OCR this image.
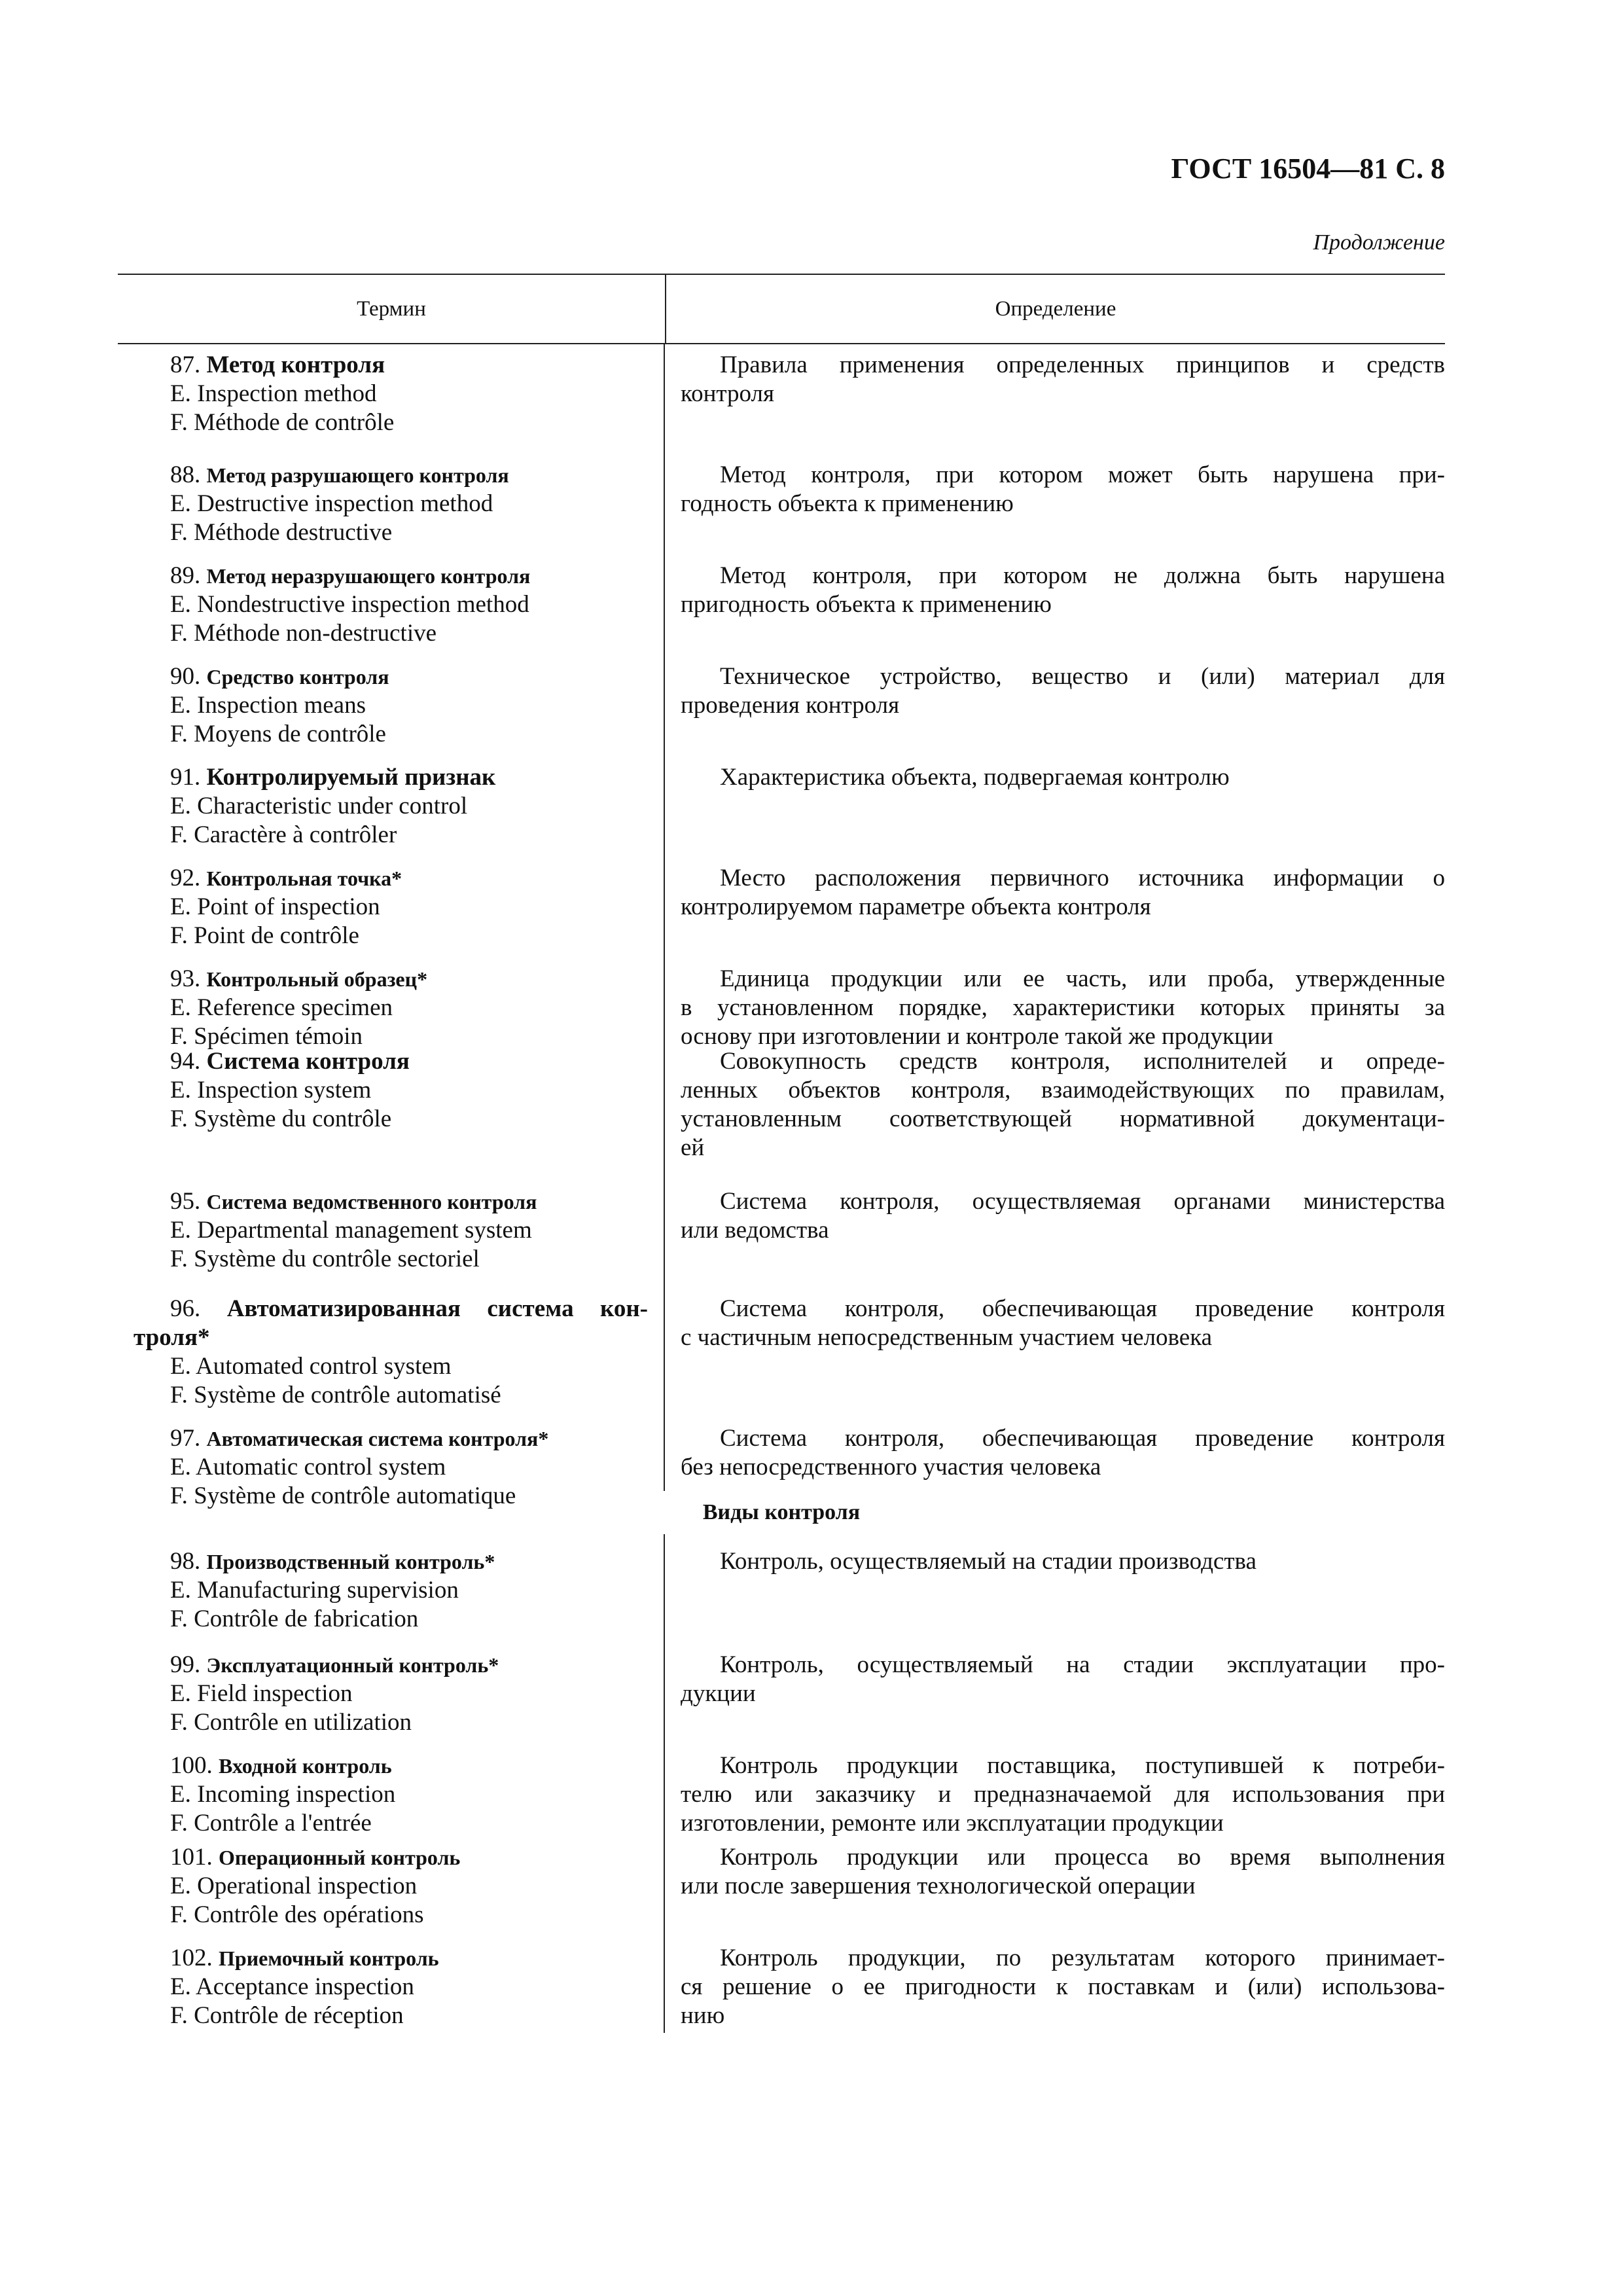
ГОСТ 16504—81 С. 8
Продолжение
Термин	Определение
87. Метод контроля
E. Inspection method
F. Méthode de contrôle
Правила применения определенных принципов и средств
контроля
88. Метод разрушающего контроля
E. Destructive inspection method
F. Méthode destructive
Метод контроля, при котором может быть нарушена при-
годность объекта к применению
89. Метод неразрушающего контроля
E. Nondestructive inspection method
F. Méthode non-destructive
Метод контроля, при котором не должна быть нарушена
пригодность объекта к применению
90. Средство контроля
E. Inspection means
F. Moyens de contrôle
Техническое устройство, вещество и (или) материал для
проведения контроля
91. Контролируемый признак
E. Characteristic under control
F. Caractère à contrôler
Характеристика объекта, подвергаемая контролю
92. Контрольная точка*
E. Point of inspection
F. Point de contrôle
Место расположения первичного источника информации о
контролируемом параметре объекта контроля
93. Контрольный образец*
E. Reference specimen
F. Spécimen témoin
Единица продукции или ее часть, или проба, утвержденные
в установленном порядке, характеристики которых приняты за
основу при изготовлении и контроле такой же продукции
94. Система контроля
E. Inspection system
F. Système du contrôle
Совокупность средств контроля, исполнителей и опреде-
ленных объектов контроля, взаимодействующих по правилам,
установленным соответствующей нормативной документаци-
ей
95. Система ведомственного контроля
E. Departmental management system
F. Système du contrôle sectoriel
Система контроля, осуществляемая органами министерства
или ведомства
96. Автоматизированная система кон-
троля*
E. Automated control system
F. Système de contrôle automatisé
Система контроля, обеспечивающая проведение контроля
с частичным непосредственным участием человека
97. Автоматическая система контроля*
E. Automatic control system
F. Système de contrôle automatique
Система контроля, обеспечивающая проведение контроля
без непосредственного участия человека
Виды контроля
98. Производственный контроль*
E. Manufacturing supervision
F. Contrôle de fabrication
Контроль, осуществляемый на стадии производства
99. Эксплуатационный контроль*
E. Field inspection
F. Contrôle en utilization
Контроль, осуществляемый на стадии эксплуатации про-
дукции
100. Входной контроль
E. Incoming inspection
F. Contrôle a l'entrée
Контроль продукции поставщика, поступившей к потреби-
телю или заказчику и предназначаемой для использования при
изготовлении, ремонте или эксплуатации продукции
101. Операционный контроль
E. Operational inspection
F. Contrôle des opérations
Контроль продукции или процесса во время выполнения
или после завершения технологической операции
102. Приемочный контроль
E. Acceptance inspection
F. Contrôle de réception
Контроль продукции, по результатам которого принимает-
ся решение о ее пригодности к поставкам и (или) использова-
нию
